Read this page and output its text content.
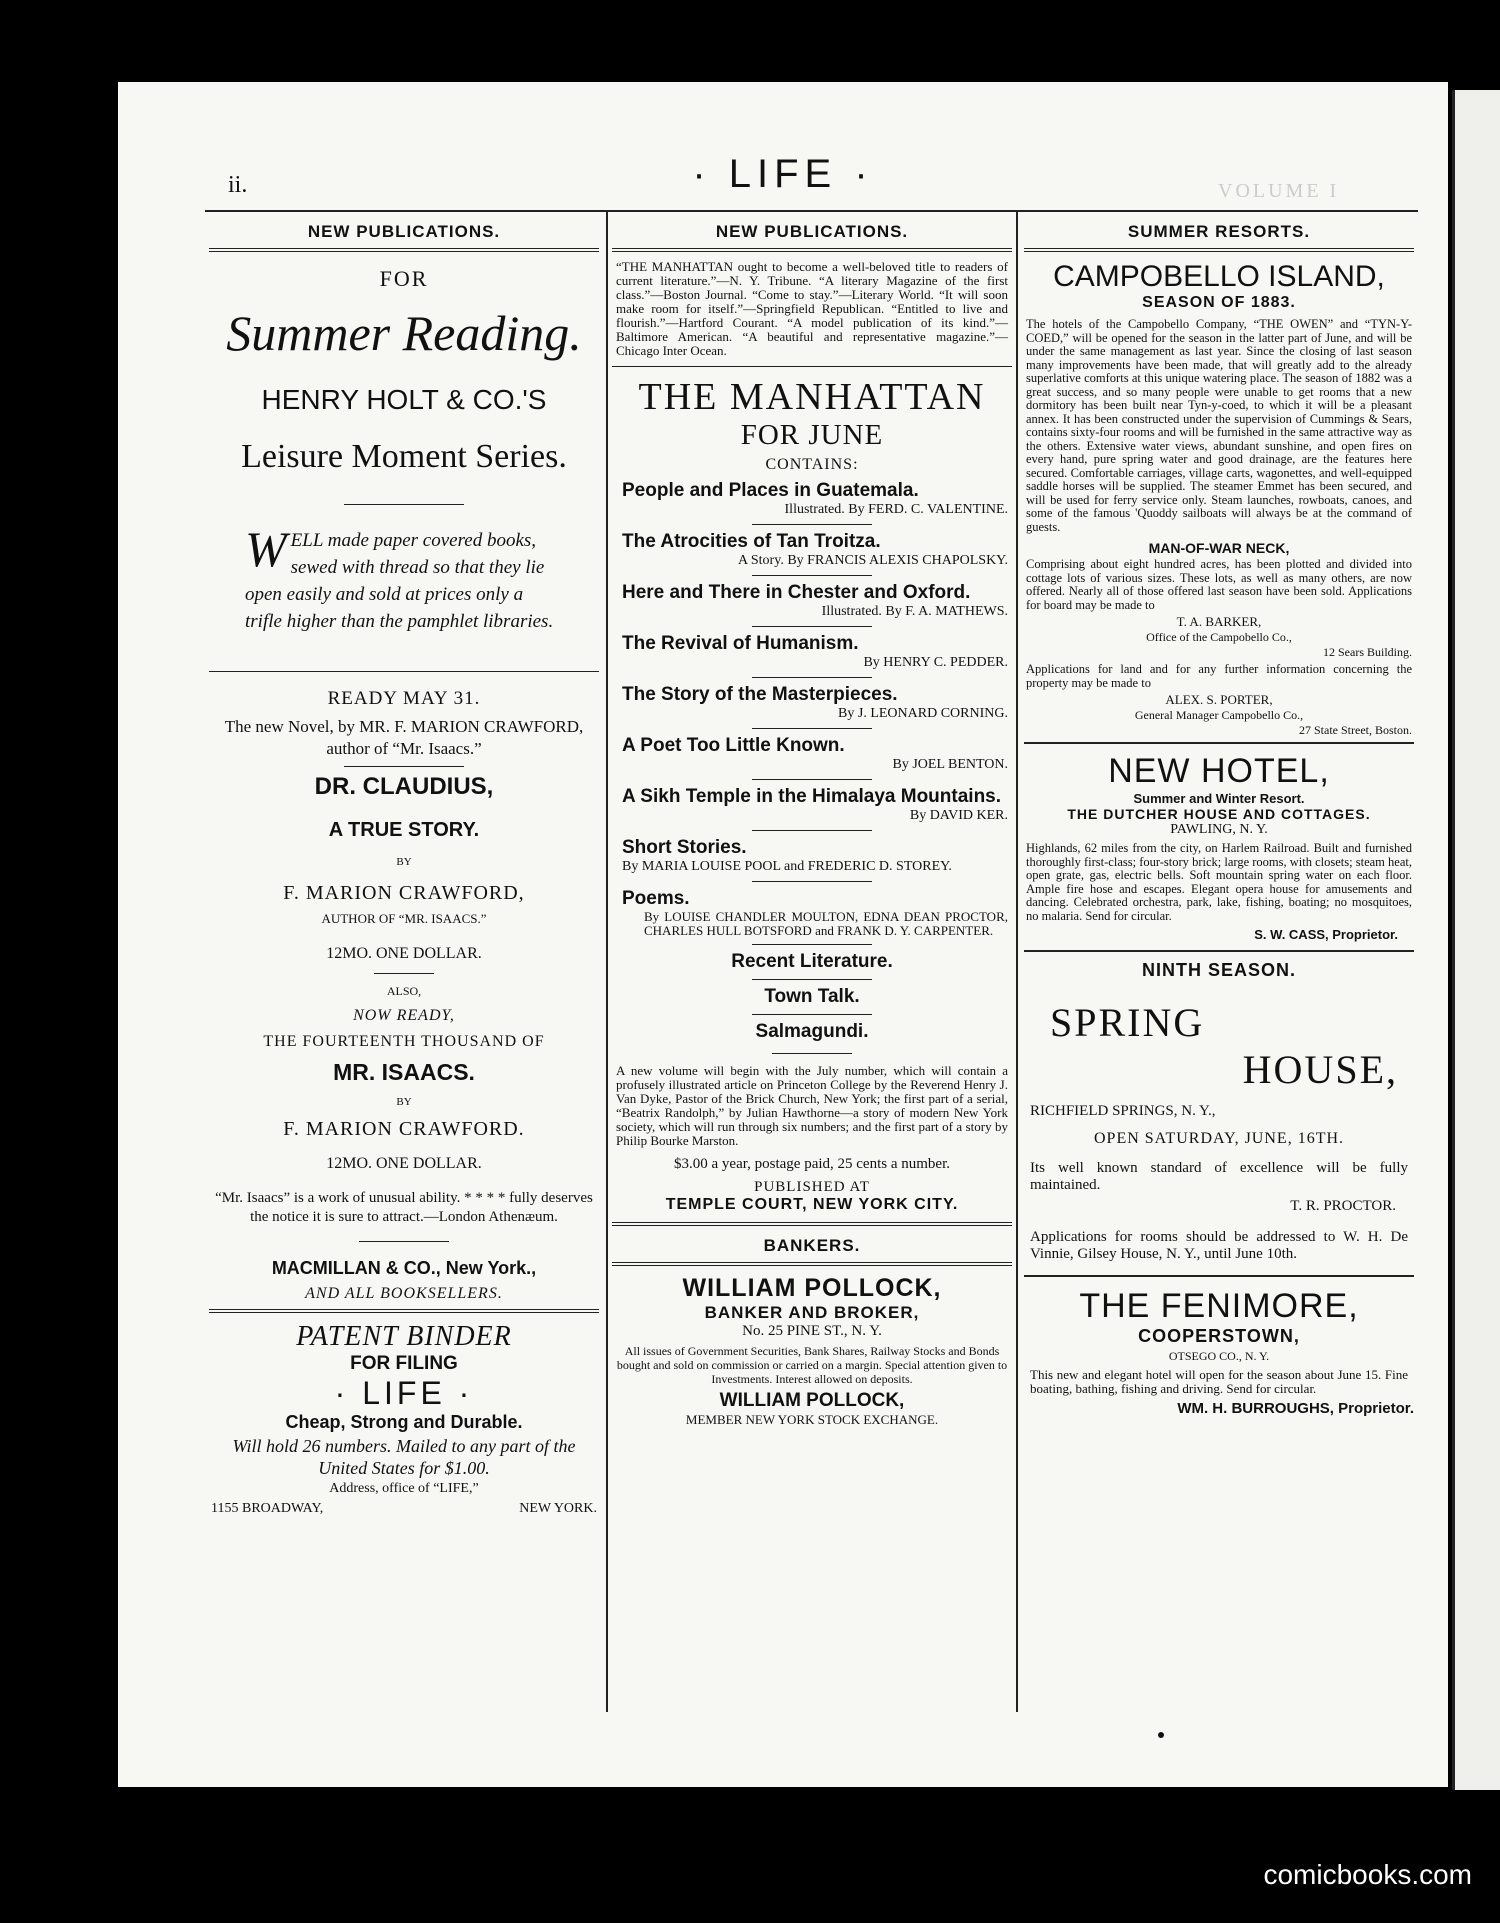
ii.	· LIFE ·	VOLUME I
NEW PUBLICATIONS.
FOR
Summer Reading.
HENRY HOLT & CO.'S
Leisure Moment Series.
W ELL made paper covered books, sewed with thread so that they lie open easily and sold at prices only a trifle higher than the pamphlet libraries.
READY MAY 31.
The new Novel, by MR. F. MARION CRAWFORD, author of “Mr. Isaacs.”
DR. CLAUDIUS,
A TRUE STORY.
BY
F. MARION CRAWFORD,
AUTHOR OF “MR. ISAACS.”
12MO. ONE DOLLAR.
ALSO,
NOW READY,
THE FOURTEENTH THOUSAND OF
MR. ISAACS.
BY
F. MARION CRAWFORD.
12MO. ONE DOLLAR.
“Mr. Isaacs” is a work of unusual ability. * * * * fully deserves the notice it is sure to attract.—London Athenæum.
MACMILLAN & CO., New York.,
AND ALL BOOKSELLERS.
PATENT BINDER
FOR FILING
· LIFE ·
Cheap, Strong and Durable.
Will hold 26 numbers. Mailed to any part of the United States for $1.00.
Address, office of “LIFE,”
1155 BROADWAY,	NEW YORK.
NEW PUBLICATIONS.
“THE MANHATTAN ought to become a well-beloved title to readers of current literature.”—N. Y. Tribune. “A literary Magazine of the first class.”—Boston Journal. “Come to stay.”—Literary World. “It will soon make room for itself.”—Springfield Republican. “Entitled to live and flourish.”—Hartford Courant. “A model publication of its kind.”—Baltimore American. “A beautiful and representative magazine.”—Chicago Inter Ocean.
THE MANHATTAN
FOR JUNE
CONTAINS:
People and Places in Guatemala.
Illustrated. By FERD. C. VALENTINE.
The Atrocities of Tan Troitza.
A Story. By FRANCIS ALEXIS CHAPOLSKY.
Here and There in Chester and Oxford.
Illustrated. By F. A. MATHEWS.
The Revival of Humanism.
By HENRY C. PEDDER.
The Story of the Masterpieces.
By J. LEONARD CORNING.
A Poet Too Little Known.
By JOEL BENTON.
A Sikh Temple in the Himalaya Mountains.
By DAVID KER.
Short Stories.
By MARIA LOUISE POOL and FREDERIC D. STOREY.
Poems.
By LOUISE CHANDLER MOULTON, EDNA DEAN PROCTOR, CHARLES HULL BOTSFORD and FRANK D. Y. CARPENTER.
Recent Literature.
Town Talk.
Salmagundi.
A new volume will begin with the July number, which will contain a profusely illustrated article on Princeton College by the Reverend Henry J. Van Dyke, Pastor of the Brick Church, New York; the first part of a serial, “Beatrix Randolph,” by Julian Hawthorne—a story of modern New York society, which will run through six numbers; and the first part of a story by Philip Bourke Marston.
$3.00 a year, postage paid, 25 cents a number.
PUBLISHED AT
TEMPLE COURT, NEW YORK CITY.
BANKERS.
WILLIAM POLLOCK,
BANKER AND BROKER,
No. 25 PINE ST., N. Y.
All issues of Government Securities, Bank Shares, Railway Stocks and Bonds bought and sold on commission or carried on a margin. Special attention given to Investments. Interest allowed on deposits.
WILLIAM POLLOCK,
MEMBER NEW YORK STOCK EXCHANGE.
SUMMER RESORTS.
CAMPOBELLO ISLAND,
SEASON OF 1883.
The hotels of the Campobello Company, “THE OWEN” and “TYN-Y-COED,” will be opened for the season in the latter part of June, and will be under the same management as last year. Since the closing of last season many improvements have been made, that will greatly add to the already superlative comforts at this unique watering place. The season of 1882 was a great success, and so many people were unable to get rooms that a new dormitory has been built near Tyn-y-coed, to which it will be a pleasant annex. It has been constructed under the supervision of Cummings & Sears, contains sixty-four rooms and will be furnished in the same attractive way as the others. Extensive water views, abundant sunshine, and open fires on every hand, pure spring water and good drainage, are the features here secured. Comfortable carriages, village carts, wagonettes, and well-equipped saddle horses will be supplied. The steamer Emmet has been secured, and will be used for ferry service only. Steam launches, rowboats, canoes, and some of the famous 'Quoddy sailboats will always be at the command of guests.
MAN-OF-WAR NECK,
Comprising about eight hundred acres, has been plotted and divided into cottage lots of various sizes. These lots, as well as many others, are now offered. Nearly all of those offered last season have been sold. Applications for board may be made to
T. A. BARKER,
Office of the Campobello Co.,
12 Sears Building.
Applications for land and for any further information concerning the property may be made to
ALEX. S. PORTER,
General Manager Campobello Co.,
27 State Street, Boston.
NEW HOTEL,
Summer and Winter Resort.
THE DUTCHER HOUSE AND COTTAGES.
PAWLING, N. Y.
Highlands, 62 miles from the city, on Harlem Railroad. Built and furnished thoroughly first-class; four-story brick; large rooms, with closets; steam heat, open grate, gas, electric bells. Soft mountain spring water on each floor. Ample fire hose and escapes. Elegant opera house for amusements and dancing. Celebrated orchestra, park, lake, fishing, boating; no mosquitoes, no malaria. Send for circular.
S. W. CASS, Proprietor.
NINTH SEASON.
SPRING
HOUSE,
RICHFIELD SPRINGS, N. Y.,
OPEN SATURDAY, JUNE, 16TH.
Its well known standard of excellence will be fully maintained.
T. R. PROCTOR.
Applications for rooms should be addressed to W. H. De Vinnie, Gilsey House, N. Y., until June 10th.
THE FENIMORE,
COOPERSTOWN,
OTSEGO CO., N. Y.
This new and elegant hotel will open for the season about June 15. Fine boating, bathing, fishing and driving. Send for circular.
WM. H. BURROUGHS, Proprietor.
comicbooks.com
